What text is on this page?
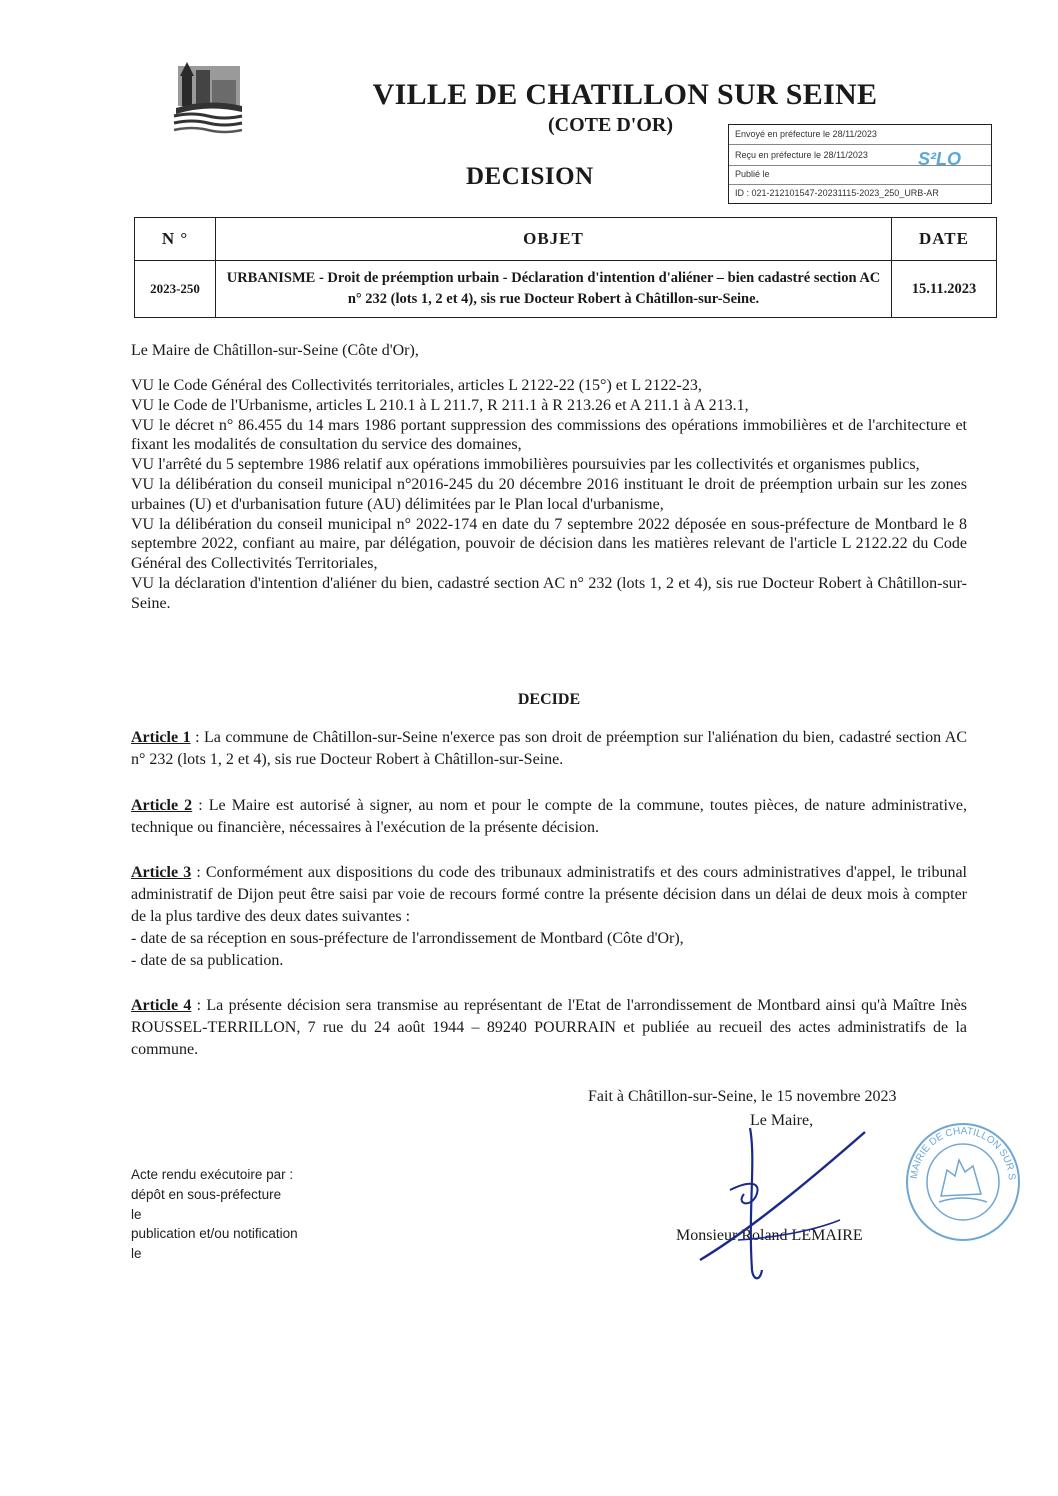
VILLE DE CHATILLON SUR SEINE
(COTE D'OR)
DECISION
Envoyé en préfecture le 28/11/2023
Reçu en préfecture le 28/11/2023
Publié le
ID : 021-212101547-20231115-2023_250_URB-AR
S²LO
N °	OBJET	DATE
2023-250	URBANISME - Droit de préemption urbain - Déclaration d'intention d'aliéner – bien cadastré section AC n° 232 (lots 1, 2 et 4), sis rue Docteur Robert à Châtillon-sur-Seine.	15.11.2023
Le Maire de Châtillon-sur-Seine (Côte d'Or),

VU le Code Général des Collectivités territoriales, articles L 2122-22 (15°) et L 2122-23,

VU le Code de l'Urbanisme, articles L 210.1 à L 211.7, R 211.1 à R 213.26 et A 211.1 à A 213.1,

VU le décret n° 86.455 du 14 mars 1986 portant suppression des commissions des opérations immobilières et de l'architecture et fixant les modalités de consultation du service des domaines,

VU l'arrêté du 5 septembre 1986 relatif aux opérations immobilières poursuivies par les collectivités et organismes publics,

VU la délibération du conseil municipal n°2016-245 du 20 décembre 2016 instituant le droit de préemption urbain sur les zones urbaines (U) et d'urbanisation future (AU) délimitées par le Plan local d'urbanisme,

VU la délibération du conseil municipal n° 2022-174 en date du 7 septembre 2022 déposée en sous-préfecture de Montbard le 8 septembre 2022, confiant au maire, par délégation, pouvoir de décision dans les matières relevant de l'article L 2122.22 du Code Général des Collectivités Territoriales,

VU la déclaration d'intention d'aliéner du bien, cadastré section AC n° 232 (lots 1, 2 et 4), sis rue Docteur Robert à Châtillon-sur-Seine.

DECIDE
Article 1 : La commune de Châtillon-sur-Seine n'exerce pas son droit de préemption sur l'aliénation du bien, cadastré section AC n° 232 (lots 1, 2 et 4), sis rue Docteur Robert à Châtillon-sur-Seine.
Article 2 : Le Maire est autorisé à signer, au nom et pour le compte de la commune, toutes pièces, de nature administrative, technique ou financière, nécessaires à l'exécution de la présente décision.
Article 3 : Conformément aux dispositions du code des tribunaux administratifs et des cours administratives d'appel, le tribunal administratif de Dijon peut être saisi par voie de recours formé contre la présente décision dans un délai de deux mois à compter de la plus tardive des deux dates suivantes :
- date de sa réception en sous-préfecture de l'arrondissement de Montbard (Côte d'Or),
- date de sa publication.
Article 4 : La présente décision sera transmise au représentant de l'Etat de l'arrondissement de Montbard ainsi qu'à Maître Inès ROUSSEL-TERRILLON, 7 rue du 24 août 1944 – 89240 POURRAIN et publiée au recueil des actes administratifs de la commune.
Fait à Châtillon-sur-Seine, le 15 novembre 2023
Le Maire,
Monsieur Roland LEMAIRE
MAIRIE DE CHATILLON SUR S
Acte rendu exécutoire par :
dépôt en sous-préfecture
le
publication et/ou notification
le
